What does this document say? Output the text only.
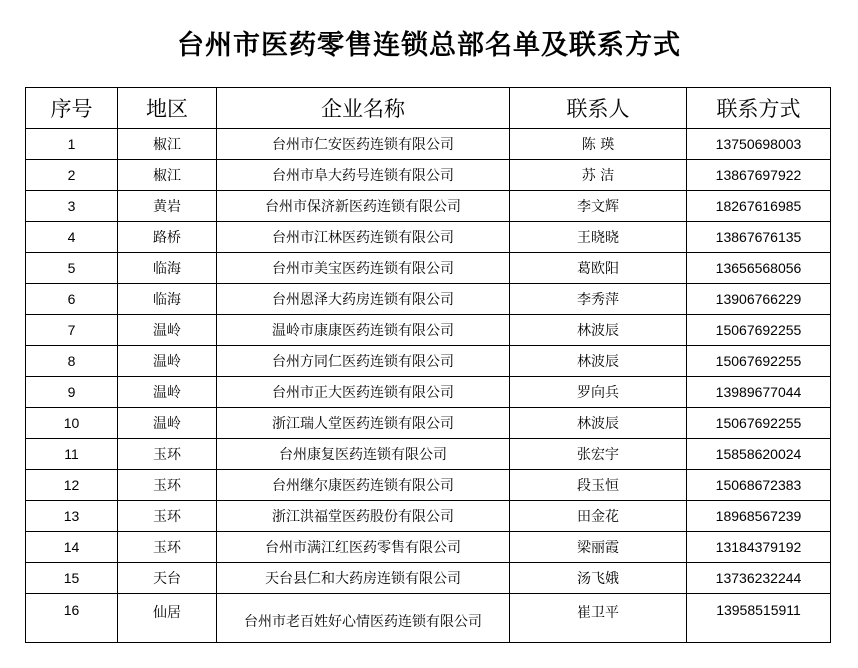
台州市医药零售连锁总部名单及联系方式
序号	地区	企业名称	联系人	联系方式
1	椒江	台州市仁安医药连锁有限公司	陈 瑛	13750698003
2	椒江	台州市阜大药号连锁有限公司	苏 洁	13867697922
3	黄岩	台州市保济新医药连锁有限公司	李文辉	18267616985
4	路桥	台州市江林医药连锁有限公司	王晓晓	13867676135
5	临海	台州市美宝医药连锁有限公司	葛欧阳	13656568056
6	临海	台州恩泽大药房连锁有限公司	李秀萍	13906766229
7	温岭	温岭市康康医药连锁有限公司	林波辰	15067692255
8	温岭	台州方同仁医药连锁有限公司	林波辰	15067692255
9	温岭	台州市正大医药连锁有限公司	罗向兵	13989677044
10	温岭	浙江瑞人堂医药连锁有限公司	林波辰	15067692255
11	玉环	台州康复医药连锁有限公司	张宏宇	15858620024
12	玉环	台州继尔康医药连锁有限公司	段玉恒	15068672383
13	玉环	浙江洪福堂医药股份有限公司	田金花	18968567239
14	玉环	台州市满江红医药零售有限公司	梁丽霞	13184379192
15	天台	天台县仁和大药房连锁有限公司	汤飞娥	13736232244
16	仙居	台州市老百姓好心情医药连锁有限公司	崔卫平	13958515911
